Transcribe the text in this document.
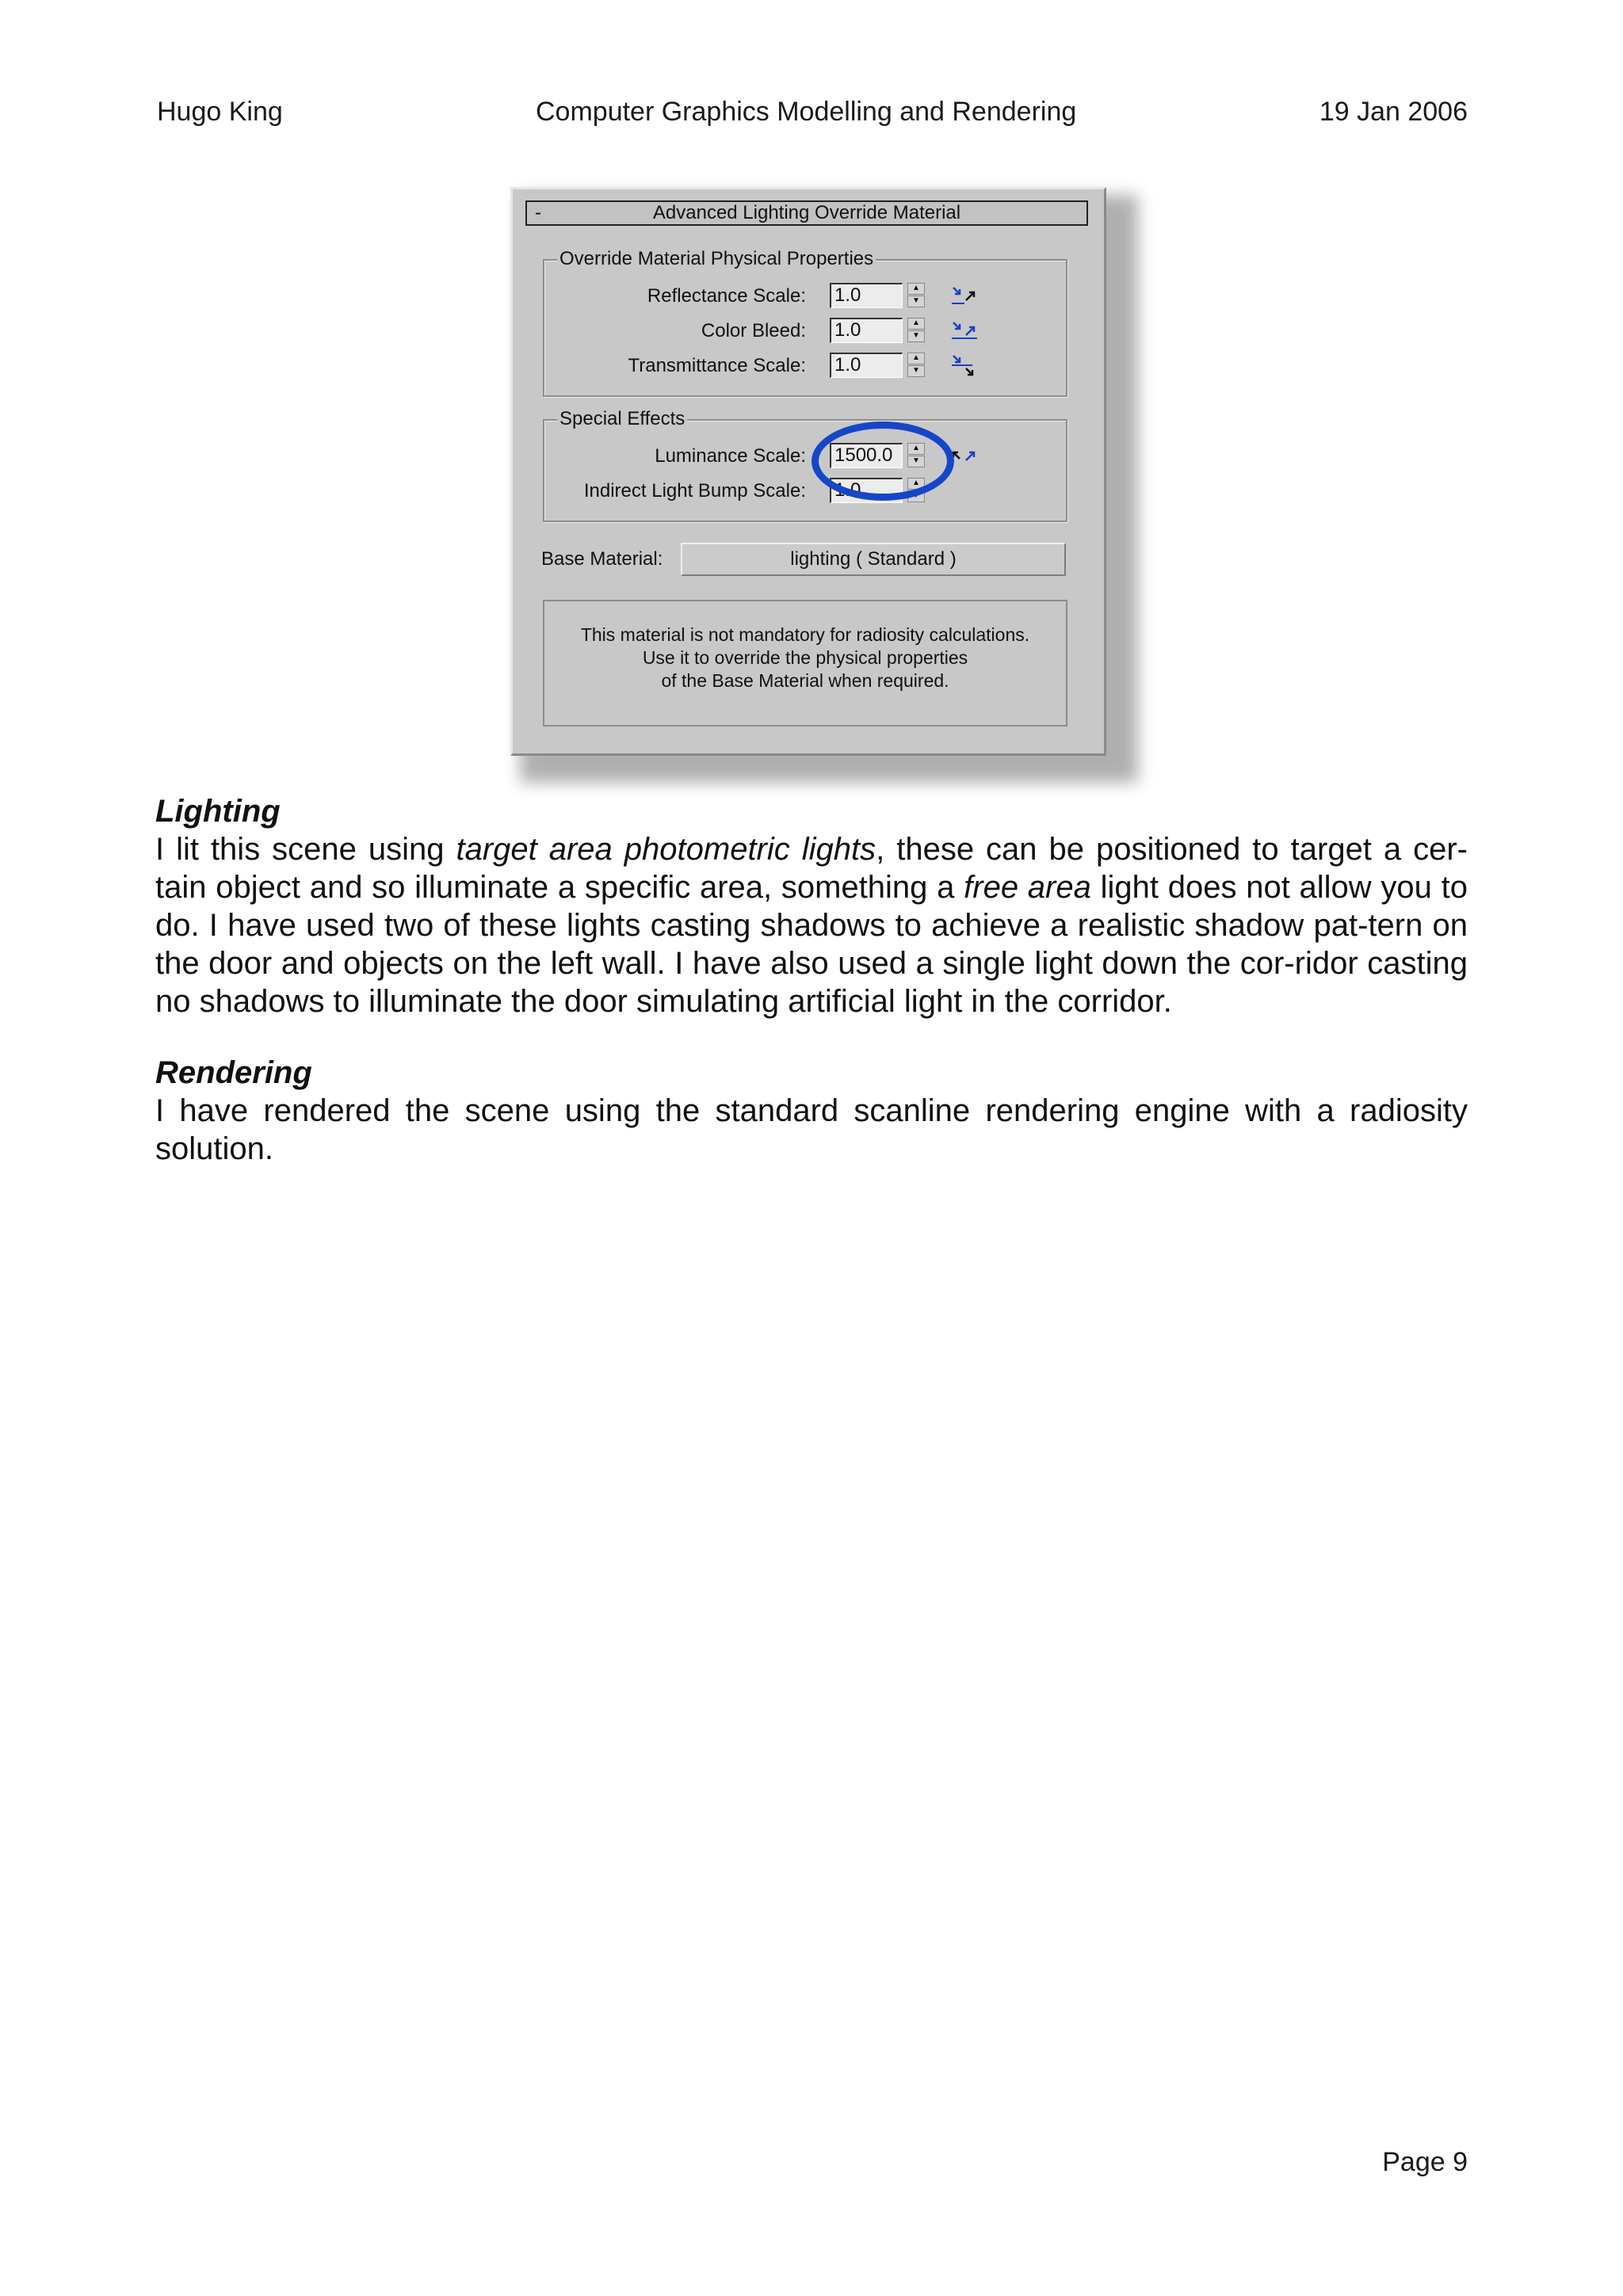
Hugo King	Computer Graphics Modelling and Rendering	19 Jan 2006
-	Advanced Lighting Override Material
Override Material Physical Properties
Reflectance Scale: 1.0	▲
▼
Color Bleed: 1.0	▲
▼
Transmittance Scale: 1.0	▲
▼
Special Effects
Luminance Scale: 1500.0	▲
▼
Indirect Light Bump Scale: 1.0	▲
▼
Base Material:	lighting ( Standard )
This material is not mandatory for radiosity calculations.
Use it to override the physical properties
of the Base Material when required.
Lighting

I lit this scene using target area photometric lights, these can be positioned to target a cer-tain object and so illuminate a specific area, something a free area light does not allow you to do. I have used two of these lights casting shadows to achieve a realistic shadow pat-tern on the door and objects on the left wall. I have also used a single light down the cor-ridor casting no shadows to illuminate the door simulating artificial light in the corridor.

Rendering

I have rendered the scene using the standard scanline rendering engine with a radiosity solution.

Page 9
